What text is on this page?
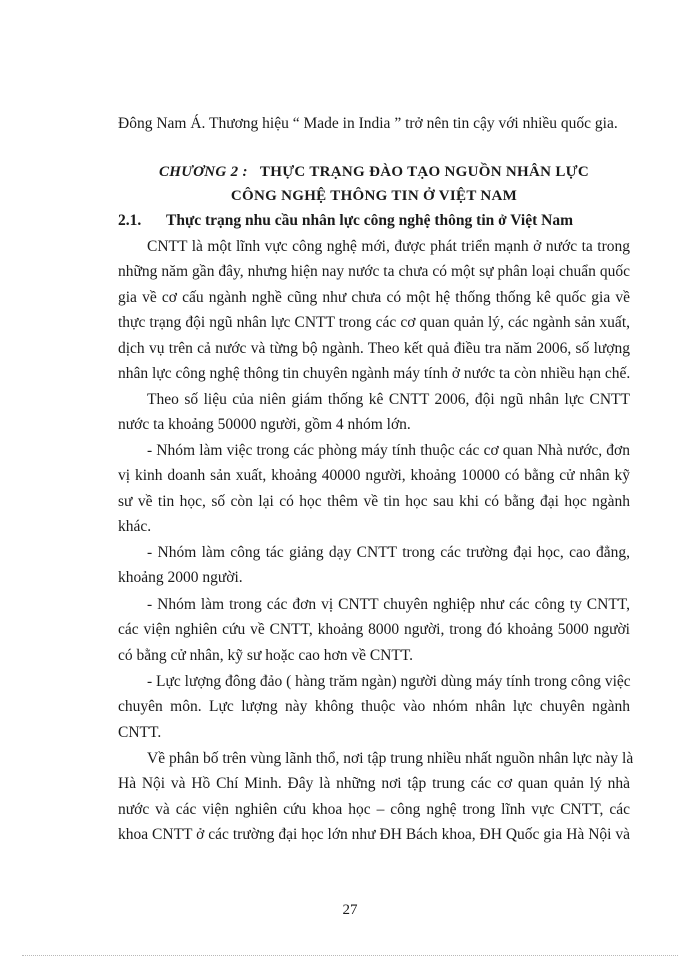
Đông Nam Á. Thương hiệu “ Made in India ” trở nên tin cậy với nhiều quốc gia.
CHƯƠNG 2 : THỰC TRẠNG ĐÀO TẠO NGUỒN NHÂN LỰC
CÔNG NGHỆ THÔNG TIN Ở VIỆT NAM
2.1. Thực trạng nhu cầu nhân lực công nghệ thông tin ở Việt Nam
CNTT là một lĩnh vực công nghệ mới, được phát triển mạnh ở nước ta trong
những năm gần đây, nhưng hiện nay nước ta chưa có một sự phân loại chuẩn quốc
gia về cơ cấu ngành nghề cũng như chưa có một hệ thống thống kê quốc gia về
thực trạng đội ngũ nhân lực CNTT trong các cơ quan quản lý, các ngành sản xuất,
dịch vụ trên cả nước và từng bộ ngành. Theo kết quả điều tra năm 2006, số lượng
nhân lực công nghệ thông tin chuyên ngành máy tính ở nước ta còn nhiều hạn chế.
Theo số liệu của niên giám thống kê CNTT 2006, đội ngũ nhân lực CNTT
nước ta khoảng 50000 người, gồm 4 nhóm lớn.
- Nhóm làm việc trong các phòng máy tính thuộc các cơ quan Nhà nước, đơn
vị kinh doanh sản xuất, khoảng 40000 người, khoảng 10000 có bằng cử nhân kỹ
sư về tin học, số còn lại có học thêm về tin học sau khi có bằng đại học ngành
khác.
- Nhóm làm công tác giảng dạy CNTT trong các trường đại học, cao đẳng,
khoảng 2000 người.
- Nhóm làm trong các đơn vị CNTT chuyên nghiệp như các công ty CNTT,
các viện nghiên cứu về CNTT, khoảng 8000 người, trong đó khoảng 5000 người
có bằng cử nhân, kỹ sư hoặc cao hơn về CNTT.
- Lực lượng đông đảo ( hàng trăm ngàn) người dùng máy tính trong công việc
chuyên môn. Lực lượng này không thuộc vào nhóm nhân lực chuyên ngành
CNTT.
Về phân bố trên vùng lãnh thổ, nơi tập trung nhiều nhất nguồn nhân lực này là
Hà Nội và Hồ Chí Minh. Đây là những nơi tập trung các cơ quan quản lý nhà
nước và các viện nghiên cứu khoa học – công nghệ trong lĩnh vực CNTT, các
khoa CNTT ở các trường đại học lớn như ĐH Bách khoa, ĐH Quốc gia Hà Nội và
27
